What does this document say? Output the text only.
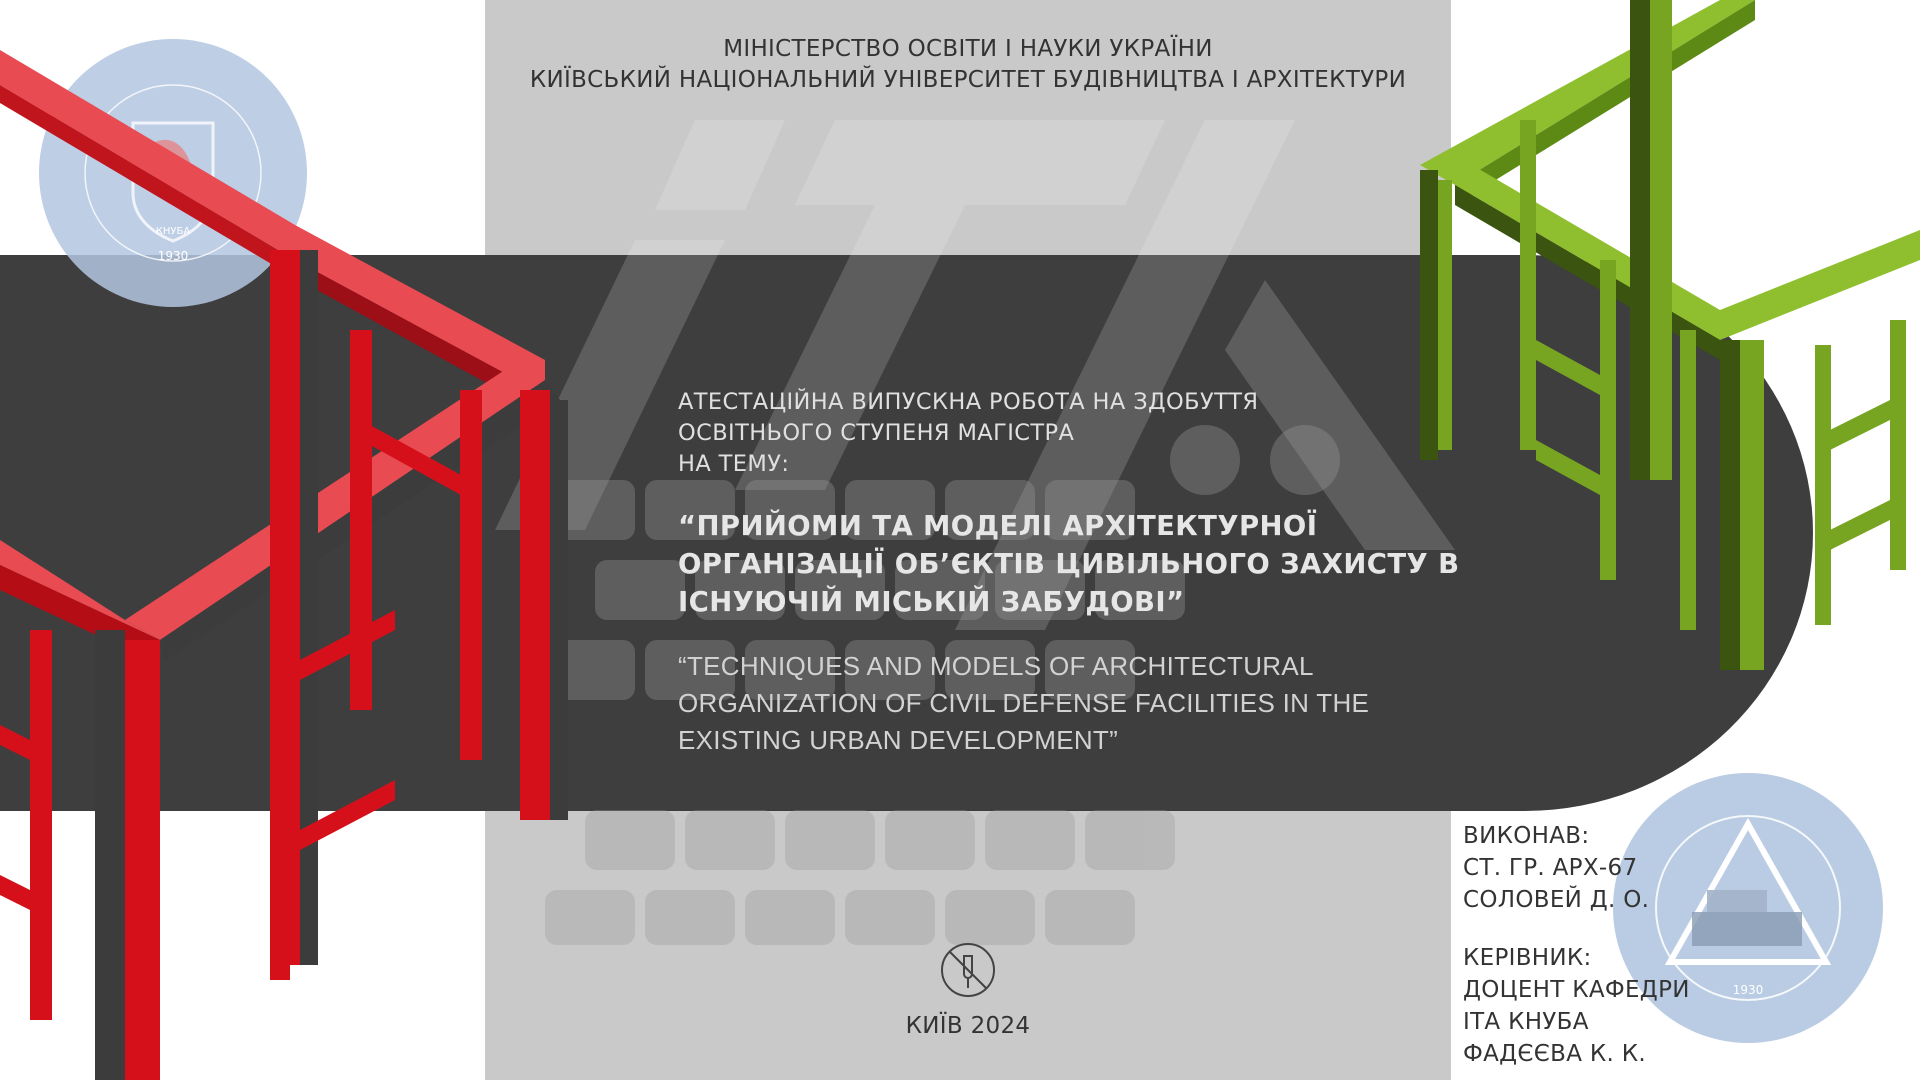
1930
КНУБА
МІНІСТЕРСТВО ОСВІТИ І НАУКИ УКРАЇНИ
КИЇВСЬКИЙ НАЦІОНАЛЬНИЙ УНІВЕРСИТЕТ БУДІВНИЦТВА І АРХІТЕКТУРИ
АТЕСТАЦІЙНА ВИПУСКНА РОБОТА НА ЗДОБУТТЯ
ОСВІТНЬОГО СТУПЕНЯ МАГІСТРА
НА ТЕМУ:
“ПРИЙОМИ ТА МОДЕЛІ АРХІТЕКТУРНОЇ
ОРГАНІЗАЦІЇ ОБ’ЄКТІВ ЦИВІЛЬНОГО ЗАХИСТУ В
ІСНУЮЧІЙ МІСЬКІЙ ЗАБУДОВІ”
“TECHNIQUES AND MODELS OF ARCHITECTURAL
ORGANIZATION OF CIVIL DEFENSE FACILITIES IN THE
EXISTING URBAN DEVELOPMENT”
1930
ВИКОНАВ:
СТ. ГР. АРХ-67
СОЛОВЕЙ Д. О.
КЕРІВНИК:
ДОЦЕНТ КАФЕДРИ
ІТА КНУБА
ФАДЄЄВА К. К.
КИЇВ 2024
